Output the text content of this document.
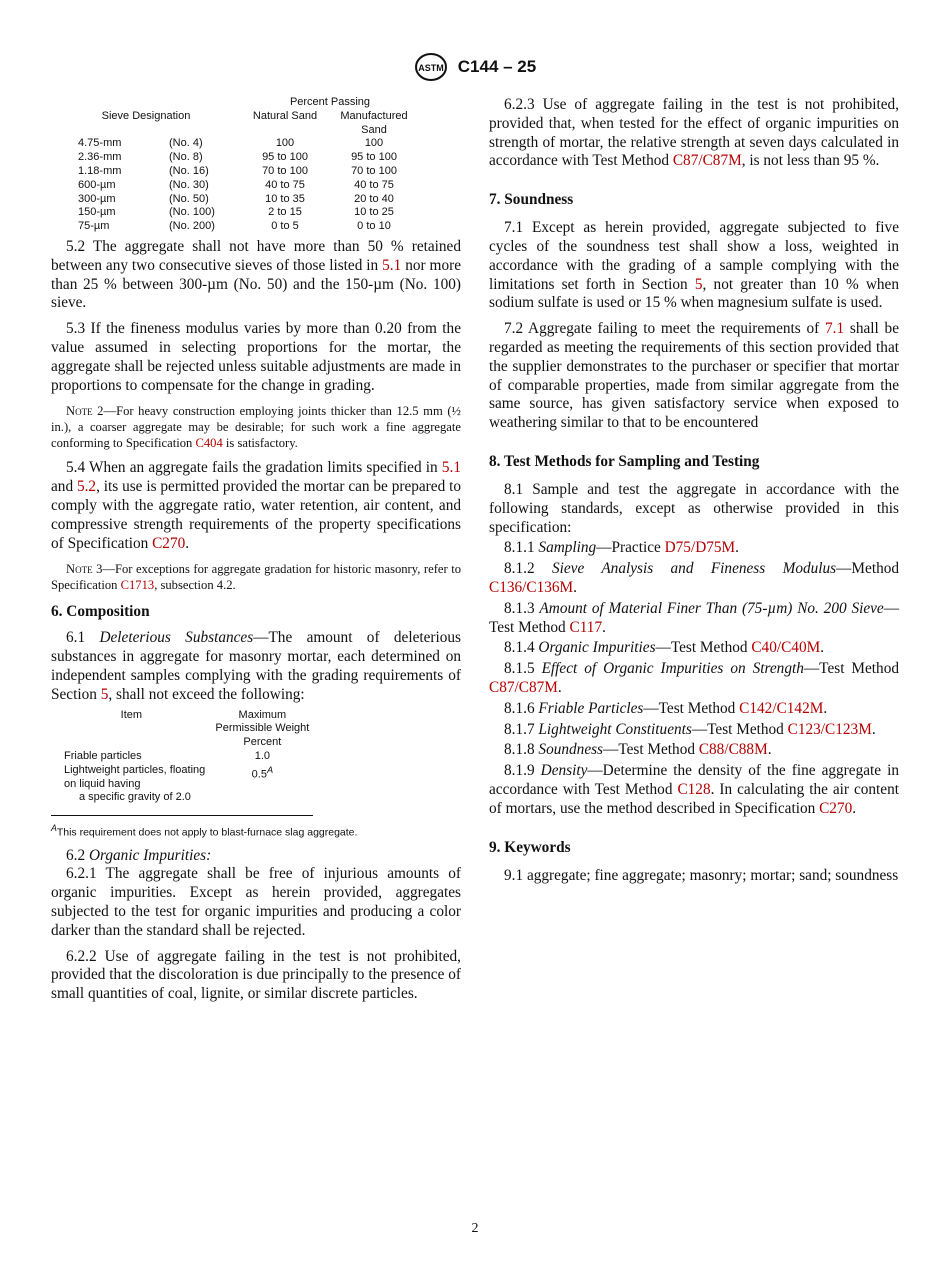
ASTM C144 – 25
Sieve Designation		Percent Passing	
		Natural Sand	Manufactured Sand
4.75-mm	(No. 4)	100	100
2.36-mm	(No. 8)	95 to 100	95 to 100
1.18-mm	(No. 16)	70 to 100	70 to 100
600-µm	(No. 30)	40 to 75	40 to 75
300-µm	(No. 50)	10 to 35	20 to 40
150-µm	(No. 100)	2 to 15	10 to 25
75-µm	(No. 200)	0 to 5	0 to 10

5.2 The aggregate shall not have more than 50 % retained between any two consecutive sieves of those listed in 5.1 nor more than 25 % between 300-µm (No. 50) and the 150-µm (No. 100) sieve.

5.3 If the fineness modulus varies by more than 0.20 from the value assumed in selecting proportions for the mortar, the aggregate shall be rejected unless suitable adjustments are made in proportions to compensate for the change in grading.

Note 2—For heavy construction employing joints thicker than 12.5 mm (½ in.), a coarser aggregate may be desirable; for such work a fine aggregate conforming to Specification C404 is satisfactory.

5.4 When an aggregate fails the gradation limits specified in 5.1 and 5.2, its use is permitted provided the mortar can be prepared to comply with the aggregate ratio, water retention, air content, and compressive strength requirements of the property specifications of Specification C270.

Note 3—For exceptions for aggregate gradation for historic masonry, refer to Specification C1713, subsection 4.2.
6. Composition

6.1 Deleterious Substances—The amount of deleterious substances in aggregate for masonry mortar, each determined on independent samples complying with the grading requirements of Section 5, shall not exceed the following:

Item	Maximum Permissible Weight Percent
Friable particles	1.0
Lightweight particles, floating on liquid having
a specific gravity of 2.0	$0.5^A$
$^A$This requirement does not apply to blast-furnace slag aggregate.

6.2 Organic Impurities:

6.2.1 The aggregate shall be free of injurious amounts of organic impurities. Except as herein provided, aggregates subjected to the test for organic impurities and producing a color darker than the standard shall be rejected.

6.2.2 Use of aggregate failing in the test is not prohibited, provided that the discoloration is due principally to the presence of small quantities of coal, lignite, or similar discrete particles.

6.2.3 Use of aggregate failing in the test is not prohibited, provided that, when tested for the effect of organic impurities on strength of mortar, the relative strength at seven days calculated in accordance with Test Method C87/C87M, is not less than 95 %.

7. Soundness

7.1 Except as herein provided, aggregate subjected to five cycles of the soundness test shall show a loss, weighted in accordance with the grading of a sample complying with the limitations set forth in Section 5, not greater than 10 % when sodium sulfate is used or 15 % when magnesium sulfate is used.

7.2 Aggregate failing to meet the requirements of 7.1 shall be regarded as meeting the requirements of this section provided that the supplier demonstrates to the purchaser or specifier that mortar of comparable properties, made from similar aggregate from the same source, has given satisfactory service when exposed to weathering similar to that to be encountered

8. Test Methods for Sampling and Testing

8.1 Sample and test the aggregate in accordance with the following standards, except as otherwise provided in this specification:

8.1.1 Sampling—Practice D75/D75M.

8.1.2 Sieve Analysis and Fineness Modulus—Method C136/C136M.

8.1.3 Amount of Material Finer Than (75-µm) No. 200 Sieve—Test Method C117.

8.1.4 Organic Impurities—Test Method C40/C40M.

8.1.5 Effect of Organic Impurities on Strength—Test Method C87/C87M.

8.1.6 Friable Particles—Test Method C142/C142M.

8.1.7 Lightweight Constituents—Test Method C123/C123M.

8.1.8 Soundness—Test Method C88/C88M.

8.1.9 Density—Determine the density of the fine aggregate in accordance with Test Method C128. In calculating the air content of mortars, use the method described in Specification C270.

9. Keywords

9.1 aggregate; fine aggregate; masonry; mortar; sand; soundness

2
